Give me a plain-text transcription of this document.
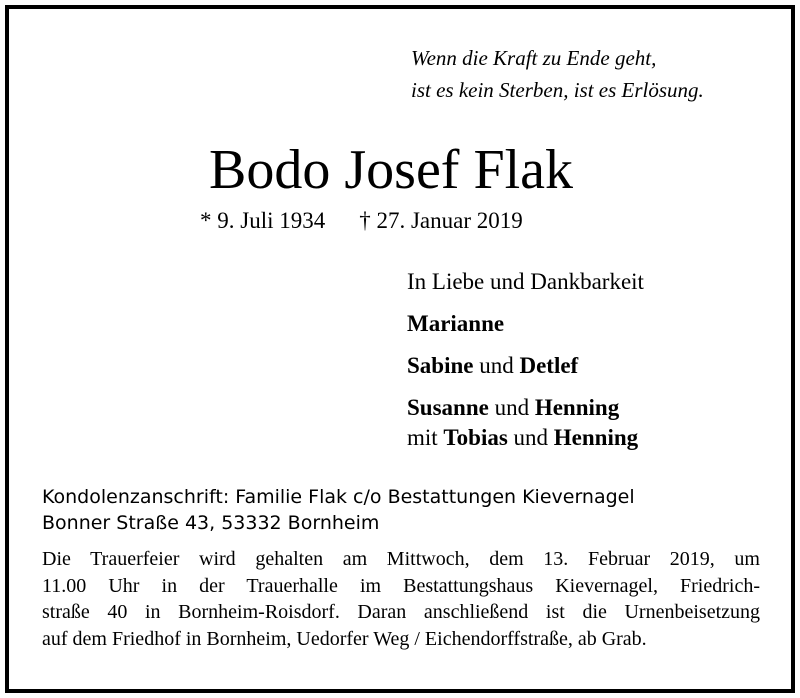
Wenn die Kraft zu Ende geht,
ist es kein Sterben, ist es Erlösung.
Bodo Josef Flak
* 9. Juli 1934 † 27. Januar 2019
In Liebe und Dankbarkeit
Marianne
Sabine und Detlef
Susanne und Henning
mit Tobias und Henning
Kondolenzanschrift: Familie Flak c/o Bestattungen Kievernagel
Bonner Straße 43, 53332 Bornheim
Die Trauerfeier wird gehalten am Mittwoch, dem 13. Februar 2019, um
11.00 Uhr in der Trauerhalle im Bestattungshaus Kievernagel, Friedrich-
straße 40 in Bornheim-Roisdorf. Daran anschließend ist die Urnenbeisetzung
auf dem Friedhof in Bornheim, Uedorfer Weg / Eichendorffstraße, ab Grab.
